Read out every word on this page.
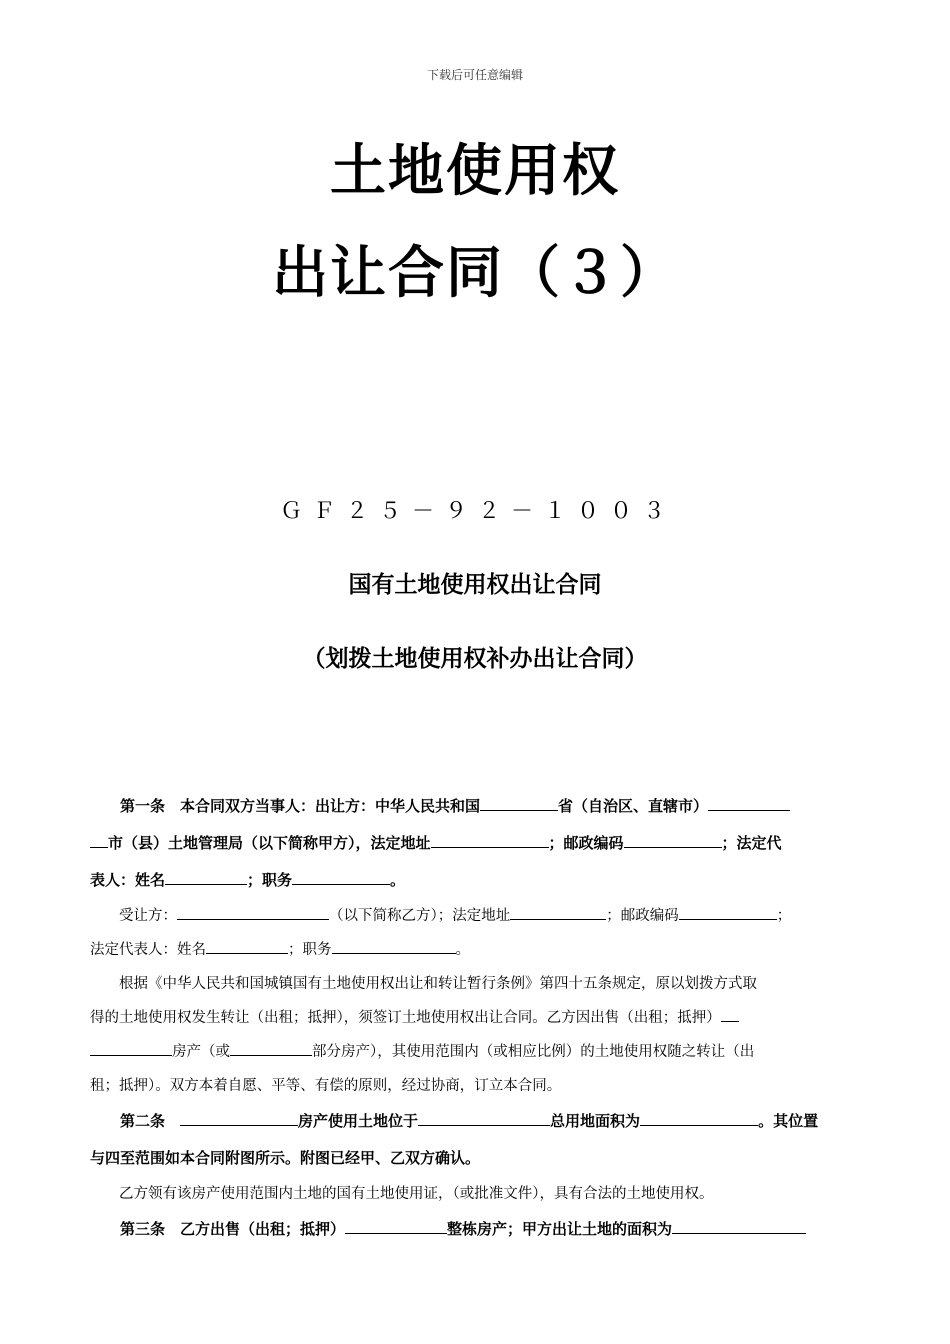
下载后可任意编辑
土地使用权
出让合同（３）
ＧＦ２５－９２－１００３
国有土地使用权出让合同
（划拨土地使用权补办出让合同）

第一条　本合同双方当事人：出让方：中华人民共和国	省（自治区、直辖市）

市（县）土地管理局（以下简称甲方），法定地址	；邮政编码	；法定代

表人：姓名	；职务	。

受让方：	（以下简称乙方）；法定地址	；邮政编码	；

法定代表人：姓名	；职务	。

根据《中华人民共和国城镇国有土地使用权出让和转让暂行条例》第四十五条规定，原以划拨方式取

得的土地使用权发生转让（出租；抵押），须签订土地使用权出让合同。乙方因出售（出租；抵押）

房产（或	部分房产），其使用范围内（或相应比例）的土地使用权随之转让（出

租；抵押）。双方本着自愿、平等、有偿的原则，经过协商，订立本合同。

第二条　	房产使用土地位于	总用地面积为	。其位置

与四至范围如本合同附图所示。附图已经甲、乙双方确认。

乙方领有该房产使用范围内土地的国有土地使用证，（或批准文件），具有合法的土地使用权。

第三条　乙方出售（出租；抵押）	整栋房产；甲方出让土地的面积为
